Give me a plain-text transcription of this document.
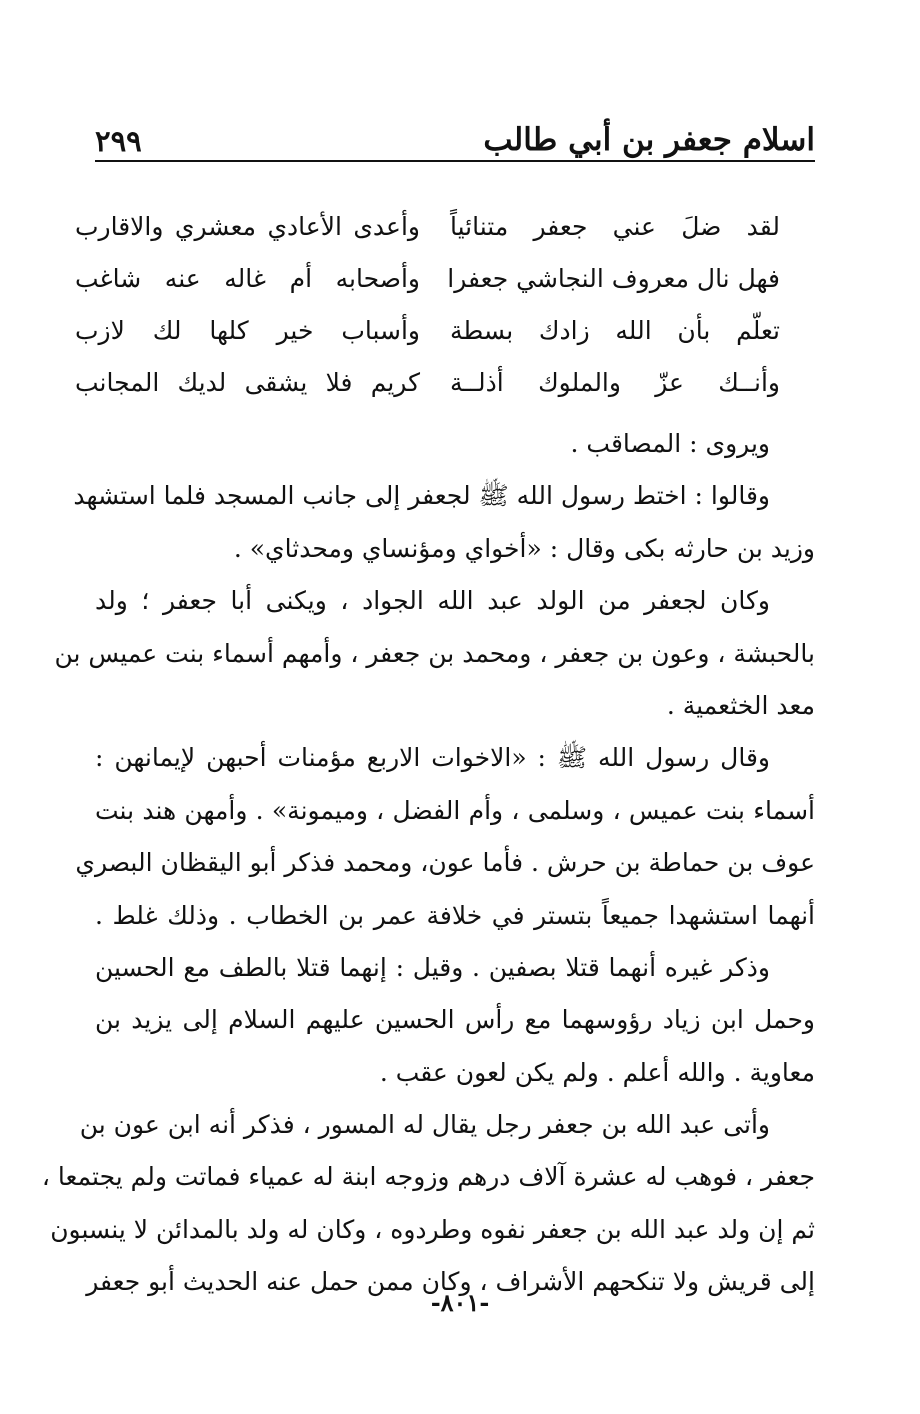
اسلام جعفر بن أبي طالب
٢٩٩
لقد ضلَ عني جعفر متنائياً
وأعدى الأعادي معشري والاقارب
فهل نال معروف النجاشي جعفرا
وأصحابه أم غاله عنه شاغب
تعلّم بأن الله زادك بسطة
وأسباب خير كلها لك لازب
وأنــك عزّ والملوك أذلــة
كريم فلا يشقى لديك المجانب
ويروى : المصاقب .
وقالوا : اختط رسول الله ﷺ لجعفر إلى جانب المسجد فلما استشهد
وزيد بن حارثه بكى وقال : «أخواي ومؤنساي ومحدثاي» .
وكان لجعفر من الولد عبد الله الجواد ، ويكنى أبا جعفر ؛ ولد
بالحبشة ، وعون بن جعفر ، ومحمد بن جعفر ، وأمهم أسماء بنت عميس بن
معد الخثعمية .
وقال رسول الله ﷺ : «الاخوات الاربع مؤمنات أحبهن لإيمانهن :
أسماء بنت عميس ، وسلمى ، وأم الفضل ، وميمونة» . وأمهن هند بنت
عوف بن حماطة بن حرش . فأما عون، ومحمد فذكر أبو اليقظان البصري
أنهما استشهدا جميعاً بتستر في خلافة عمر بن الخطاب . وذلك غلط .
وذكر غيره أنهما قتلا بصفين . وقيل : إنهما قتلا بالطف مع الحسين
وحمل ابن زياد رؤوسهما مع رأس الحسين عليهم السلام إلى يزيد بن
معاوية . والله أعلم . ولم يكن لعون عقب .
وأتى عبد الله بن جعفر رجل يقال له المسور ، فذكر أنه ابن عون بن
جعفر ، فوهب له عشرة آلاف درهم وزوجه ابنة له عمياء فماتت ولم يجتمعا ،
ثم إن ولد عبد الله بن جعفر نفوه وطردوه ، وكان له ولد بالمدائن لا ينسبون
إلى قريش ولا تنكحهم الأشراف ، وكان ممن حمل عنه الحديث أبو جعفر
-٨٠١-
